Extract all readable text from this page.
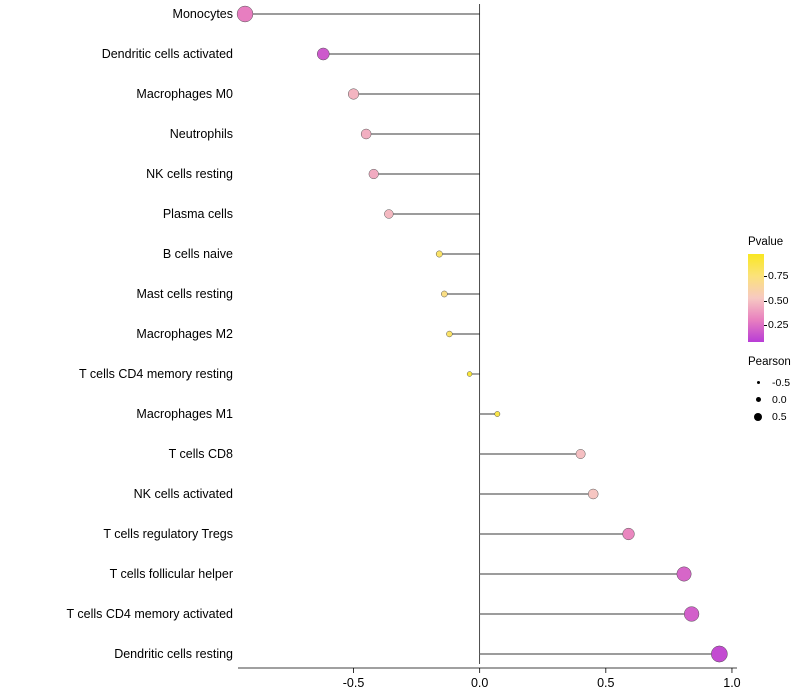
Monocytes
Dendritic cells activated
Macrophages M0
Neutrophils
NK cells resting
Plasma cells
B cells naive
Mast cells resting
Macrophages M2
T cells CD4 memory resting
Macrophages M1
T cells CD8
NK cells activated
T cells regulatory Tregs
T cells follicular helper
T cells CD4 memory activated
Dendritic cells resting
-0.5	0.0	0.5	1.0
Pvalue
0.25
0.50
0.75
Pearson
-0.5
0.0
0.5
